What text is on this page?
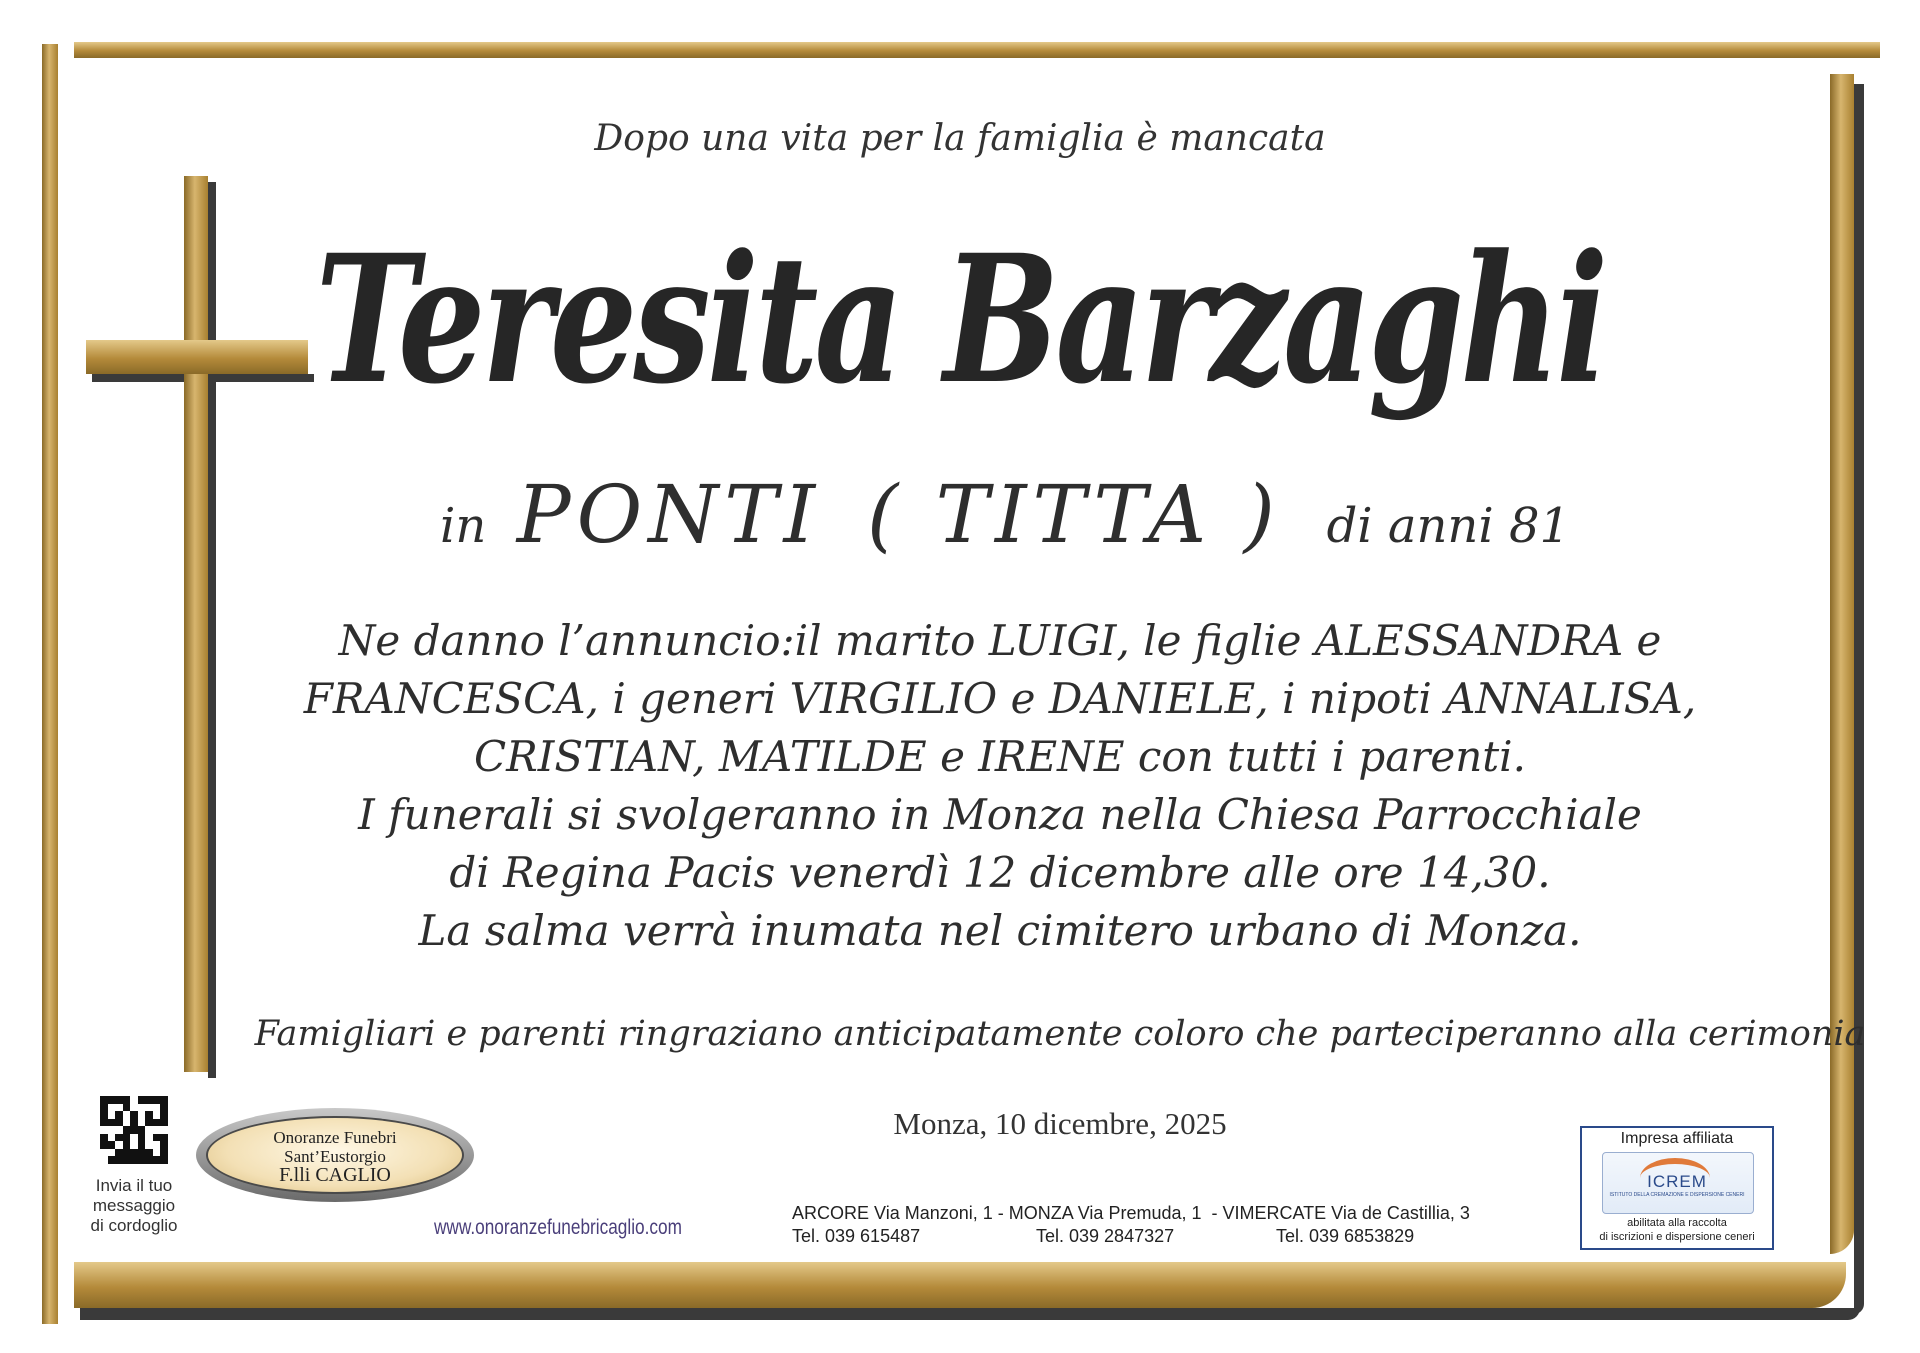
Dopo una vita per la famiglia è mancata
Teresita Barzaghi
in PONTI ( TITTA ) di anni 81
Ne danno l’annuncio:il marito LUIGI, le figlie ALESSANDRA e
FRANCESCA, i generi VIRGILIO e DANIELE, i nipoti ANNALISA,
CRISTIAN, MATILDE e IRENE con tutti i parenti.
I funerali si svolgeranno in Monza nella Chiesa Parrocchiale
di Regina Pacis venerdì 12 dicembre alle ore 14,30.
La salma verrà inumata nel cimitero urbano di Monza.
Famigliari e parenti ringraziano anticipatamente coloro che parteciperanno alla cerimonia
Monza, 10 dicembre, 2025
Invia il tuo
messaggio
di cordoglio
Onoranze Funebri
Sant’Eustorgio
F.lli CAGLIO
www.onoranzefunebricaglio.com
ARCORE Via Manzoni, 1 - MONZA Via Premuda, 1  - VIMERCATE Via de Castillia, 3
Tel. 039 615487	Tel. 039 2847327	Tel. 039 6853829
Impresa affiliata
ICREM
ISTITUTO DELLA CREMAZIONE E DISPERSIONE CENERI
abilitata alla raccolta
di iscrizioni e dispersione ceneri
